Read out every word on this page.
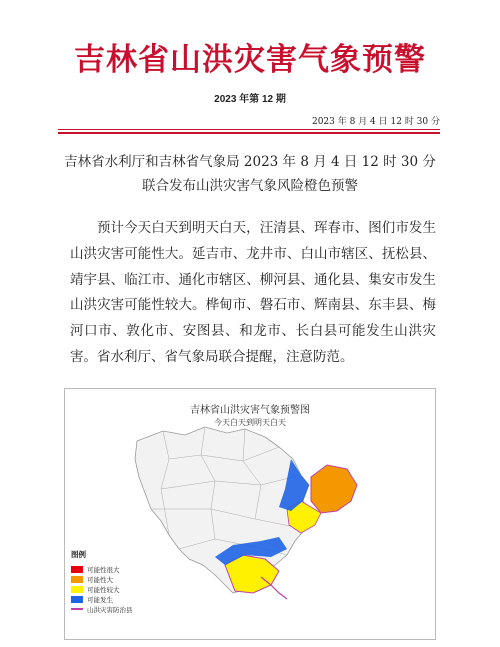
吉林省山洪灾害气象预警
2023 年第 12 期
2023 年 8 月 4 日 12 时 30 分
吉林省水利厅和吉林省气象局 2023 年 8 月 4 日 12 时 30 分
联合发布山洪灾害气象风险橙色预警
预计今天白天到明天白天，汪清县、珲春市、图们市发生山洪灾害可能性大。延吉市、龙井市、白山市辖区、抚松县、靖宇县、临江市、通化市辖区、柳河县、通化县、集安市发生山洪灾害可能性较大。桦甸市、磐石市、辉南县、东丰县、梅河口市、敦化市、安图县、和龙市、长白县可能发生山洪灾害。省水利厅、省气象局联合提醒，注意防范。
吉林省山洪灾害气象预警图
今天白天到明天白天
图例
可能性很大
可能性大
可能性较大
可能发生
山洪灾害防治县
